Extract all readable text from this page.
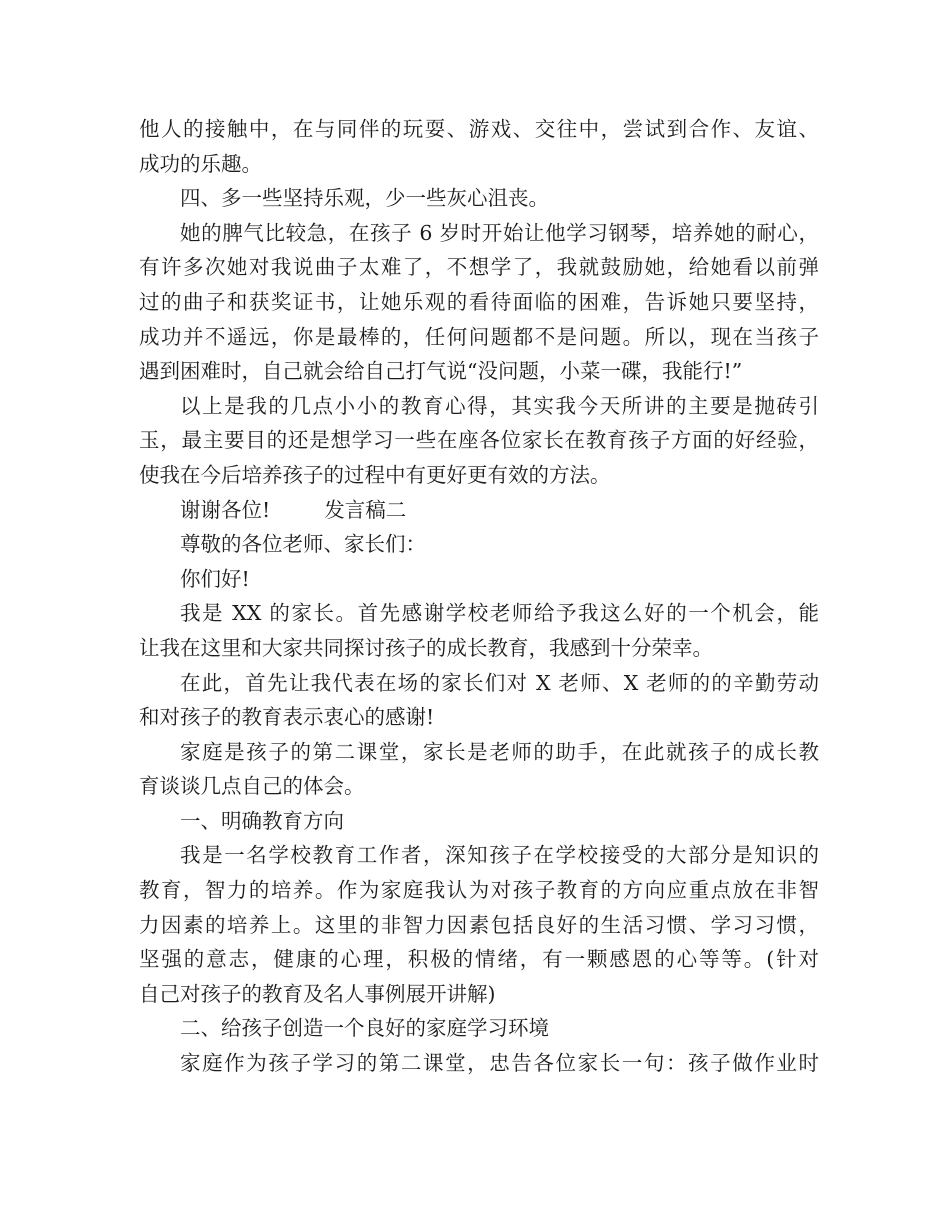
他人的接触中，在与同伴的玩耍、游戏、交往中，尝试到合作、友谊、
成功的乐趣。
四、多一些坚持乐观，少一些灰心沮丧。
她的脾气比较急，在孩子 6 岁时开始让他学习钢琴，培养她的耐心，
有许多次她对我说曲子太难了，不想学了，我就鼓励她，给她看以前弹
过的曲子和获奖证书，让她乐观的看待面临的困难，告诉她只要坚持，
成功并不遥远，你是最棒的，任何问题都不是问题。所以，现在当孩子
遇到困难时，自己就会给自己打气说“没问题，小菜一碟，我能行!”
以上是我的几点小小的教育心得，其实我今天所讲的主要是抛砖引
玉，最主要目的还是想学习一些在座各位家长在教育孩子方面的好经验，
使我在今后培养孩子的过程中有更好更有效的方法。
谢谢各位!	发言稿二
尊敬的各位老师、家长们：
你们好!
我是 XX 的家长。首先感谢学校老师给予我这么好的一个机会，能
让我在这里和大家共同探讨孩子的成长教育，我感到十分荣幸。
在此，首先让我代表在场的家长们对 X 老师、X 老师的的辛勤劳动
和对孩子的教育表示衷心的感谢!
家庭是孩子的第二课堂，家长是老师的助手，在此就孩子的成长教
育谈谈几点自己的体会。
一、明确教育方向
我是一名学校教育工作者，深知孩子在学校接受的大部分是知识的
教育，智力的培养。作为家庭我认为对孩子教育的方向应重点放在非智
力因素的培养上。这里的非智力因素包括良好的生活习惯、学习习惯，
坚强的意志，健康的心理，积极的情绪，有一颗感恩的心等等。(针对
自己对孩子的教育及名人事例展开讲解)
二、给孩子创造一个良好的家庭学习环境
家庭作为孩子学习的第二课堂，忠告各位家长一句：孩子做作业时
